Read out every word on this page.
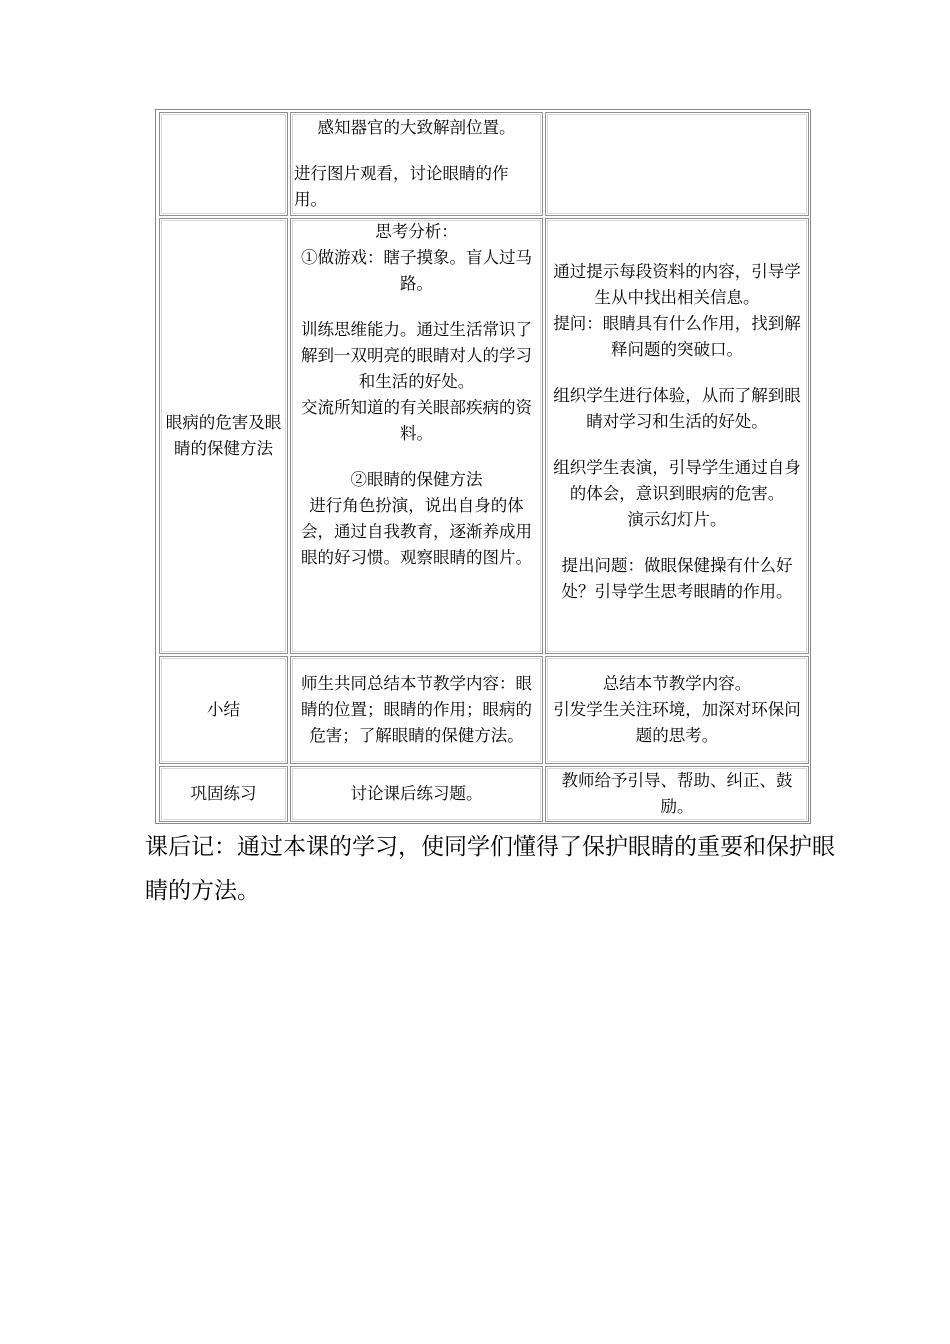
感知器官的大致解剖位置。

进行图片观看，讨论眼睛的作用。

眼病的危害及眼睛的保健方法

思考分析：

①做游戏：瞎子摸象。盲人过马路。

训练思维能力。通过生活常识了解到一双明亮的眼睛对人的学习和生活的好处。

交流所知道的有关眼部疾病的资料。

②眼睛的保健方法

进行角色扮演，说出自身的体会，通过自我教育，逐渐养成用眼的好习惯。观察眼睛的图片。

通过提示每段资料的内容，引导学生从中找出相关信息。

提问：眼睛具有什么作用，找到解释问题的突破口。

组织学生进行体验，从而了解到眼睛对学习和生活的好处。

组织学生表演，引导学生通过自身的体会，意识到眼病的危害。

演示幻灯片。

提出问题：做眼保健操有什么好处？引导学生思考眼睛的作用。

小结

师生共同总结本节教学内容：眼睛的位置；眼睛的作用；眼病的危害；了解眼睛的保健方法。

总结本节教学内容。

引发学生关注环境，加深对环保问题的思考。

巩固练习	讨论课后练习题。

教师给予引导、帮助、纠正、鼓励。

课后记：通过本课的学习，使同学们懂得了保护眼睛的重要和保护眼睛的方法。
